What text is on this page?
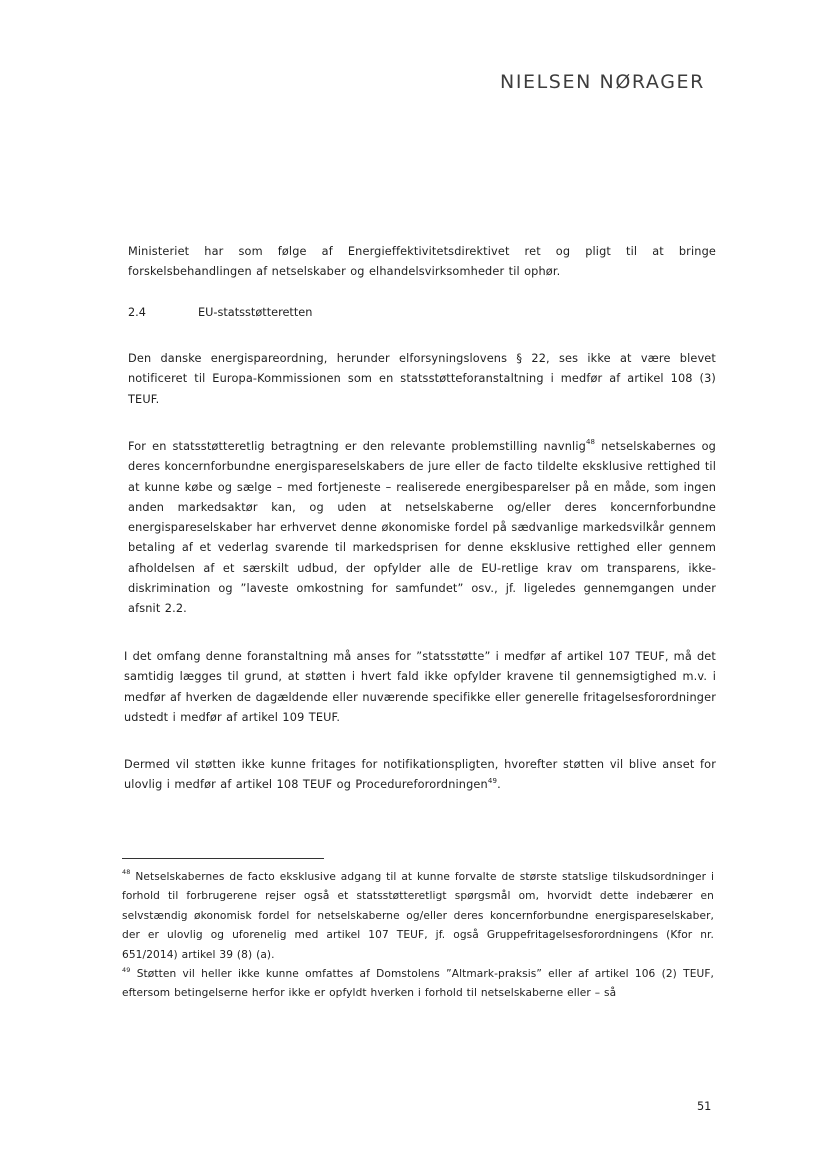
NIELSEN NØRAGER

Ministeriet har som følge af Energieffektivitetsdirektivet ret og pligt til at bringe forskelsbehandlingen af netselskaber og elhandelsvirksomheder til ophør.

2.4	EU-statsstøtteretten

Den danske energispareordning, herunder elforsyningslovens § 22, ses ikke at være blevet notificeret til Europa-Kommissionen som en statsstøtteforanstaltning i medfør af artikel 108 (3) TEUF.

For en statsstøtteretlig betragtning er den relevante problemstilling navnlig$^{48}$ netselskabernes og deres koncernforbundne energispareselskabers de jure eller de facto tildelte eksklusive rettighed til at kunne købe og sælge – med fortjeneste – realiserede energibesparelser på en måde, som ingen anden markedsaktør kan, og uden at netselskaberne og/eller deres koncernforbundne energispareselskaber har erhvervet denne økonomiske fordel på sædvanlige markedsvilkår gennem betaling af et vederlag svarende til markedsprisen for denne eksklusive rettighed eller gennem afholdelsen af et særskilt udbud, der opfylder alle de EU-retlige krav om transparens, ikke-diskrimination og ”laveste omkostning for samfundet” osv., jf. ligeledes gennemgangen under afsnit 2.2.

I det omfang denne foranstaltning må anses for ”statsstøtte” i medfør af artikel 107 TEUF, må det samtidig lægges til grund, at støtten i hvert fald ikke opfylder kravene til gennemsigtighed m.v. i medfør af hverken de dagældende eller nuværende specifikke eller generelle fritagelsesforordninger udstedt i medfør af artikel 109 TEUF.

Dermed vil støtten ikke kunne fritages for notifikationspligten, hvorefter støtten vil blive anset for ulovlig i medfør af artikel 108 TEUF og Procedureforordningen$^{49}$.

$^{48}$ Netselskabernes de facto eksklusive adgang til at kunne forvalte de største statslige tilskudsordninger i forhold til forbrugerene rejser også et statsstøtteretligt spørgsmål om, hvorvidt dette indebærer en selvstændig økonomisk fordel for netselskaberne og/eller deres koncernforbundne energispareselskaber, der er ulovlig og uforenelig med artikel 107 TEUF, jf. også Gruppefritagelsesforordningens (Kfor nr. 651/2014) artikel 39 (8) (a).

$^{49}$ Støtten vil heller ikke kunne omfattes af Domstolens ”Altmark-praksis” eller af artikel 106 (2) TEUF, eftersom betingelserne herfor ikke er opfyldt hverken i forhold til netselskaberne eller – så

51
